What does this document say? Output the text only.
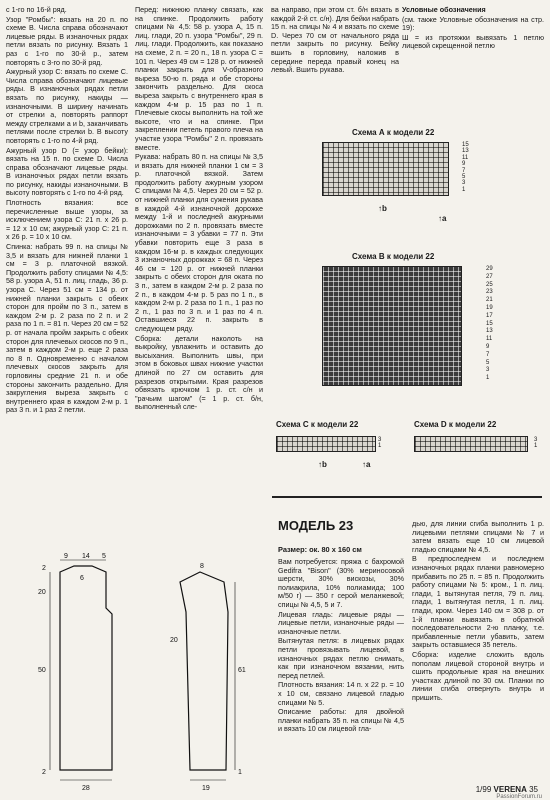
с 1-го по 16-й ряд.

Узор "Ромбы": вязать на 20 п. по схеме В. Числа справа обозначают лицевые ряды. В изнаночных рядах петли вязать по рисунку. Вязать 1 раз с 1-го по 30-й р., затем повторять с 3-го по 30-й ряд.

Ажурный узор С: вязать по схеме С. Числа справа обозначают лицевые ряды. В изнаночных рядах петли вязать по рисунку, накиды — изнаночными. В ширину начинать от стрелки а, повторять раппорт между стрелками а и b, заканчивать петлями после стрелки b. В высоту повторять с 1-го по 4-й ряд.

Ажурный узор D (= узор бейки): вязать на 15 п. по схеме D. Числа справа обозначают лицевые ряды. В изнаночных рядах петли вязать по рисунку, накиды изнаночными. В высоту повторять с 1-го по 4-й ряд.

Плотность вязания: все перечисленные выше узоры, за исключением узора С: 21 п. х 26 р. = 12 х 10 см; ажурный узор С: 21 п. х 26 р. = 10 х 10 см.

Спинка: набрать 99 п. на спицы № 3,5 и вязать для нижней планки 1 см = 3 р. платочной вязкой. Продолжить работу спицами № 4,5: 58 р. узора А, 51 п. лиц. гладь, 36 р. узора С. Через 51 см = 134 р. от нижней планки закрыть с обеих сторон для пройм по 3 п., затем в каждом 2-м р. 2 раза по 2 п. и 2 раза по 1 п. = 81 п. Через 20 см = 52 р. от начала пройм закрыть с обеих сторон для плечевых скосов по 9 п., затем в каждом 2-м р. еще 2 раза по 8 п. Одновременно с началом плечевых скосов закрыть для горловины средние 21 п. и обе стороны закончить раздельно. Для закругления выреза закрыть с внутреннего края в каждом 2-м р. 1 раз 3 п. и 1 раз 2 петли.

Перед: нижнюю планку связать, как на спинке. Продолжить работу спицами № 4,5: 58 р. узора А, 15 п. лиц. глади, 20 п. узора "Ромбы", 29 п. лиц. глади. Продолжить, как показано на схеме, 2 п. = 20 п., 18 п. узора С = 101 п. Через 49 см = 128 р. от нижней планки закрыть для V-образного выреза 50-ю п. ряда и обе стороны закончить раздельно. Для скоса выреза закрыть с внутреннего края в каждом 4-м р. 15 раз по 1 п. Плечевые скосы выполнить на той же высоте, что и на спинке. При закреплении петель правого плеча на участке узора "Ромбы" 2 п. провязать вместе.

Рукава: набрать 80 п. на спицы № 3,5 и вязать для нижней планки 1 см = 3 р. платочной вязкой. Затем продолжить работу ажурным узором С спицами № 4,5. Через 20 см = 52 р. от нижней планки для сужения рукава в каждой 4-й изнаночной дорожке между 1-й и последней ажурными дорожками по 2 п. провязать вместе изнаночными = 3 убавки = 77 п. Эти убавки повторить еще 3 раза в каждом 16-м р. в каждых следующих 3 изнаночных дорожках = 68 п. Через 46 см = 120 р. от нижней планки закрыть с обеих сторон для оката по 3 п., затем в каждом 2-м р. 2 раза по 2 п., в каждом 4-м р. 5 раз по 1 п., в каждом 2-м р. 2 раза по 1 п., 1 раз по 2 п., 1 раз по 3 п. и 1 раз по 4 п. Оставшиеся 22 п. закрыть в следующем ряду.

Сборка: детали наколоть на выкройку, увлажнить и оставить до высыхания. Выполнить швы, при этом в боковых швах нижние участки длиной по 27 см оставить для разрезов открытыми. Края разрезов обвязать крючком 1 р. ст. с/н и "рачьим шагом" (= 1 р. ст. б/н, выполненный сле-

ва направо, при этом ст. б/н вязать в каждой 2-й ст. с/н). Для бейки набрать 15 п. на спицы № 4 и вязать по схеме D. Через 70 см от начального ряда петли закрыть по рисунку. Бейку вшить в горловину, наложив в середине переда правый конец на левый. Вшить рукава.

Условные обозначения

(см. также Условные обозначения на стр. 19):

Ш = из протяжки вывязать 1 петлю лицевой скрещенной петлю

Схема А к модели 22
15
13
11
9
7
5
3
1
↑b
↑a
Схема В к модели 22
29
27
25
23
21
19
17
15
13
11
9
7
5
3
1
Схема С к модели 22
3
1
↑b	↑a
Схема D к модели 22
3
1
МОДЕЛЬ 23
Размер: ок. 80 х 160 см

Вам потребуется: пряжа с бахромой Gedifra "Bison" (30% мериносовой шерсти, 30% вискозы, 30% полиакрила, 10% полиамида; 100 м/50 г) — 350 г серой меланжевой; спицы № 4,5, 5 и 7.

Лицевая гладь: лицевые ряды — лицевые петли, изнаночные ряды — изнаночные петли.

Вытянутая петля: в лицевых рядах петли провязывать лицевой, в изнаночных рядах петлю снимать, как при изнаночном вязании, нить перед петлей.

Плотность вязания: 14 п. х 22 р. = 10 х 10 см, связано лицевой гладью спицами № 5.

Описание работы: для двойной планки набрать 35 п. на спицы № 4,5 и вязать 10 см лицевой гла-

дью, для линии сгиба выполнить 1 р. лицевыми петлями спицами № 7 и затем вязать еще 10 см лицевой гладью спицами № 4,5.

В предпоследнем и последнем изнаночных рядах планки равномерно прибавить по 25 п. = 85 п. Продолжить работу спицами № 5: кром., 1 п. лиц. глади, 1 вытянутая петля, 79 п. лиц. глади, 1 вытянутая петля, 1 п. лиц. глади, кром. Через 140 см = 308 р. от 1-й планки вывязать в обратной последовательности 2-ю планку, т.е. прибавленные петли убавить, затем закрыть оставшиеся 35 петель.

Сборка: изделие сложить вдоль пополам лицевой стороной внутрь и сшить продольные края на внешних участках длиной по 30 см. Планки по линии сгиба отвернуть внутрь и пришить.

9 14 5
6
2
20
50
2
28
8
61
19
20
1
1/99 VERENA 35
PassionForum.ru
